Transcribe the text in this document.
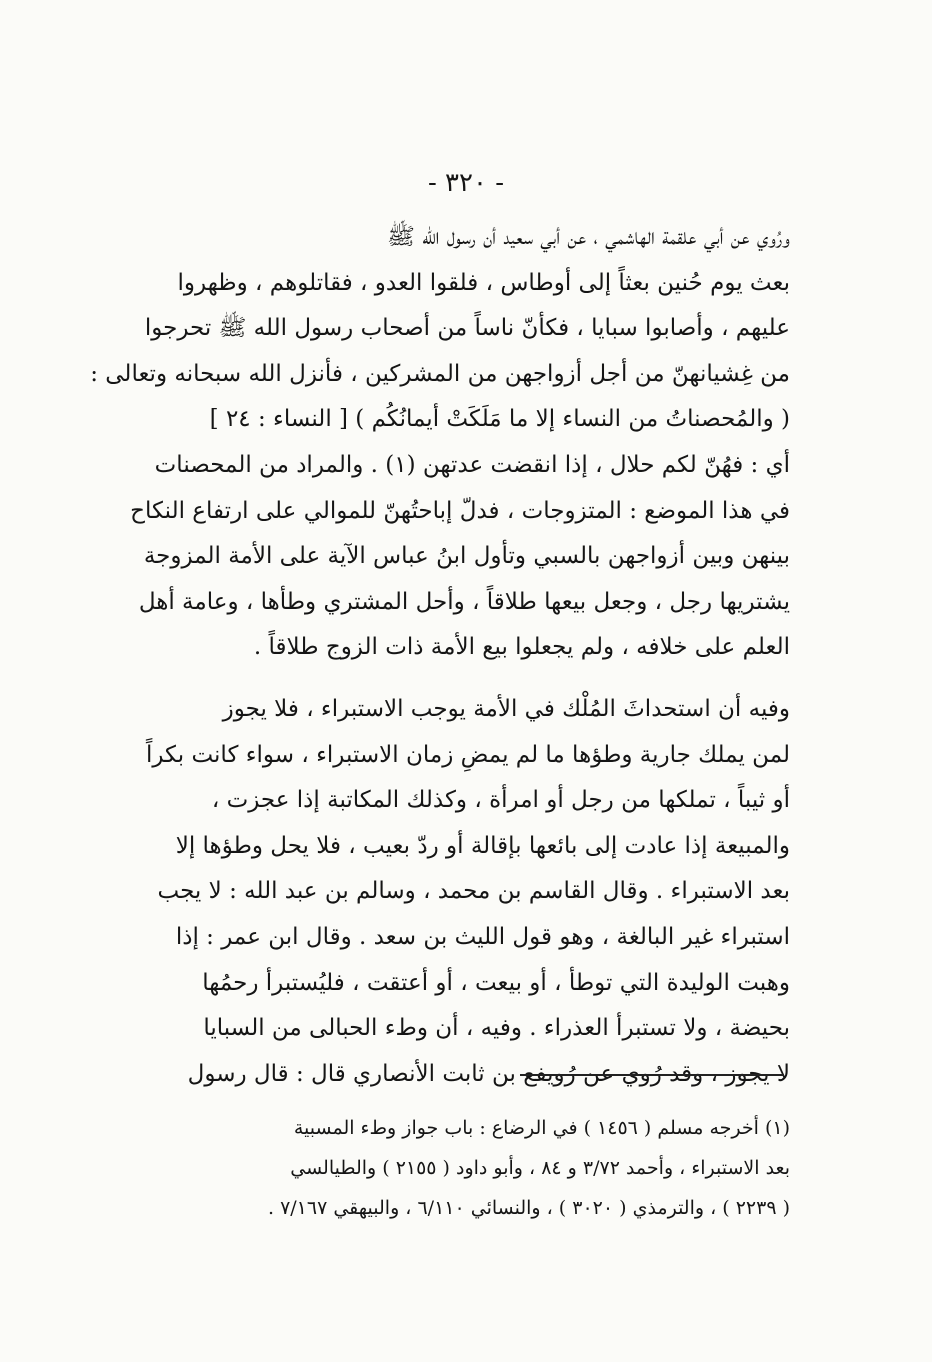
- ٣٢٠ -

ورُوي عن أبي علقمة الهاشمي ، عن أبي سعيد أن رسول الله ﷺ
بعث يوم حُنين بعثاً إلى أوطاس ، فلقوا العدو ، فقاتلوهم ، وظهروا
عليهم ، وأصابوا سبايا ، فكأنّ ناساً من أصحاب رسول الله ﷺ تحرجوا
من غِشيانهنّ من أجل أزواجهن من المشركين ، فأنزل الله سبحانه وتعالى :
( والمُحصناتُ من النساء إلا ما مَلَكَتْ أيمانُكُم ) [ النساء : ٢٤ ]
أي : فهُنّ لكم حلال ، إذا انقضت عدتهن (١) . والمراد من المحصنات
في هذا الموضع : المتزوجات ، فدلّ إباحتُهنّ للموالي على ارتفاع النكاح
بينهن وبين أزواجهن بالسبي وتأول ابنُ عباس الآية على الأمة المزوجة
يشتريها رجل ، وجعل بيعها طلاقاً ، وأحل المشتري وطأها ، وعامة أهل
العلم على خلافه ، ولم يجعلوا بيع الأمة ذات الزوج طلاقاً .

وفيه أن استحداثَ المُلْك في الأمة يوجب الاستبراء ، فلا يجوز
لمن يملك جارية وطؤها ما لم يمضِ زمان الاستبراء ، سواء كانت بكراً
أو ثيباً ، تملكها من رجل أو امرأة ، وكذلك المكاتبة إذا عجزت ،
والمبيعة إذا عادت إلى بائعها بإقالة أو ردّ بعيب ، فلا يحل وطؤها إلا
بعد الاستبراء . وقال القاسم بن محمد ، وسالم بن عبد الله : لا يجب
استبراء غير البالغة ، وهو قول الليث بن سعد . وقال ابن عمر : إذا
وهبت الوليدة التي توطأ ، أو بيعت ، أو أعتقت ، فليُستبرأ رحمُها
بحيضة ، ولا تستبرأ العذراء . وفيه ، أن وطء الحبالى من السبايا
لا يجوز ، وقد رُوي عن رُويفع بن ثابت الأنصاري قال : قال رسول

(١) أخرجه مسلم ( ١٤٥٦ ) في الرضاع : باب جواز وطء المسبية
بعد الاستبراء ، وأحمد ٣/٧٢ و ٨٤ ، وأبو داود ( ٢١٥٥ ) والطيالسي
( ٢٢٣٩ ) ، والترمذي ( ٣٠٢٠ ) ، والنسائي ٦/١١٠ ، والبيهقي ٧/١٦٧ .
